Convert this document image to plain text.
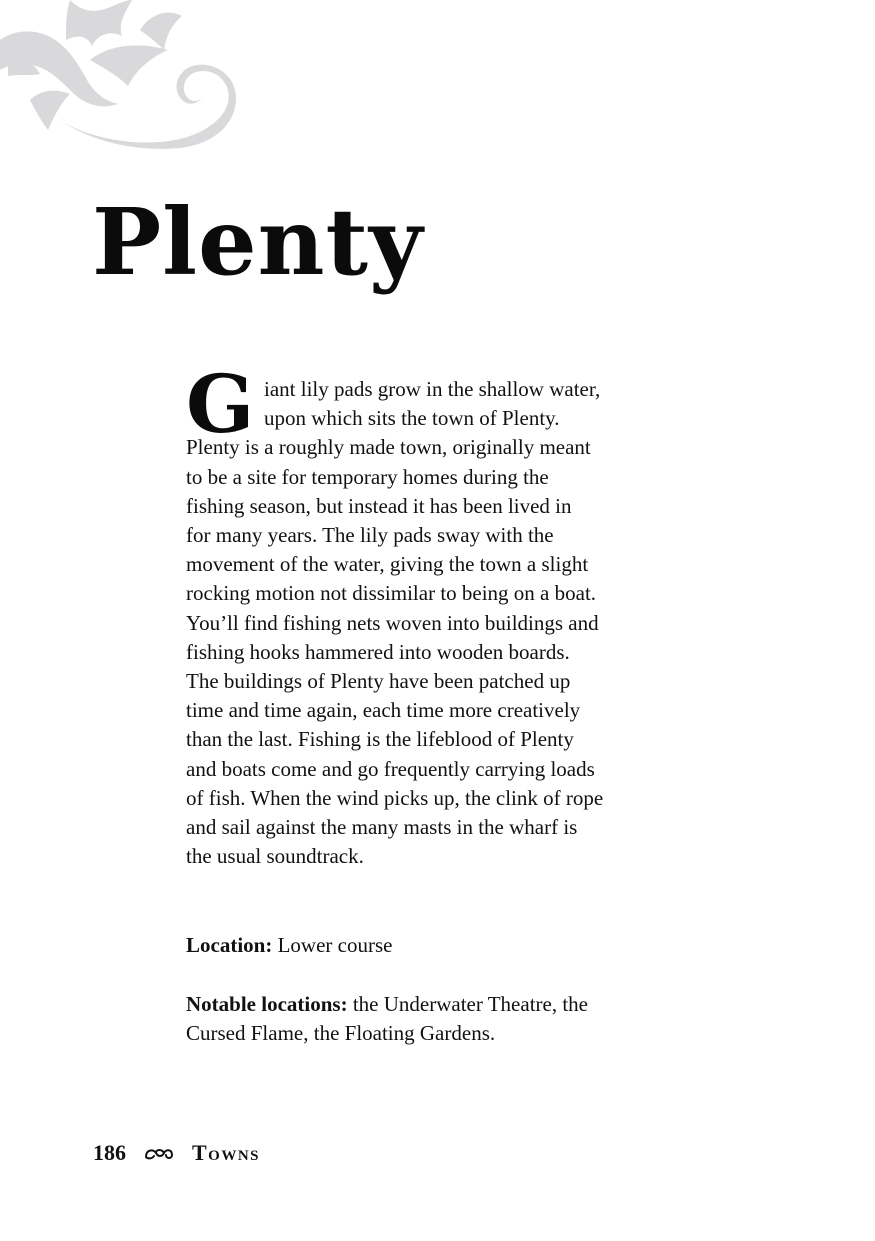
Plenty
G iant lily pads grow in the shallow water,
upon which sits the town of Plenty.
Plenty is a roughly made town, originally meant
to be a site for temporary homes during the
fishing season, but instead it has been lived in
for many years. The lily pads sway with the
movement of the water, giving the town a slight
rocking motion not dissimilar to being on a boat.
You’ll find fishing nets woven into buildings and
fishing hooks hammered into wooden boards.
The buildings of Plenty have been patched up
time and time again, each time more creatively
than the last. Fishing is the lifeblood of Plenty
and boats come and go frequently carrying loads
of fish. When the wind picks up, the clink of rope
and sail against the many masts in the wharf is
the usual soundtrack.

Location: Lower course
Notable locations: the Underwater Theatre, the
Cursed Flame, the Floating Gardens.
186	Towns
